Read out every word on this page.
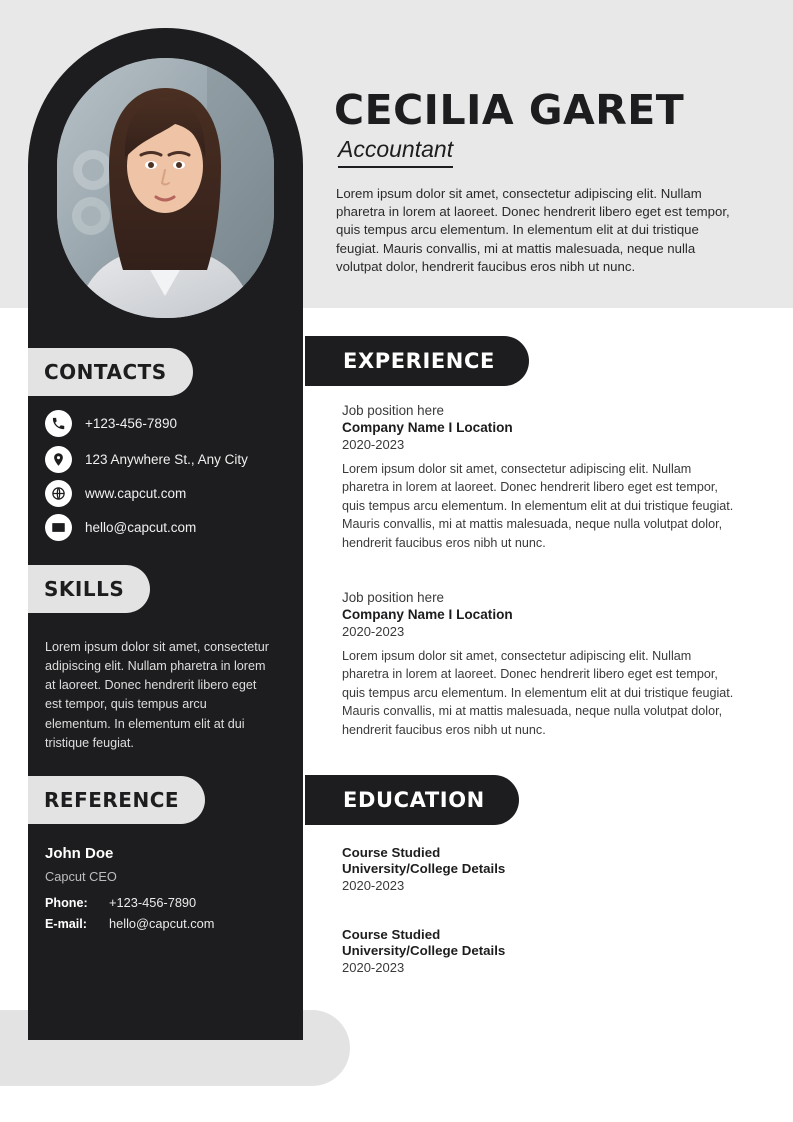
CECILIA GARET
Accountant
Lorem ipsum dolor sit amet, consectetur adipiscing elit. Nullam pharetra in lorem at laoreet. Donec hendrerit libero eget est tempor, quis tempus arcu elementum. In elementum elit at dui tristique feugiat. Mauris convallis, mi at mattis malesuada, neque nulla volutpat dolor, hendrerit faucibus eros nibh ut nunc.
CONTACTS
+123-456-7890
123 Anywhere St., Any City
www.capcut.com
hello@capcut.com
SKILLS
Lorem ipsum dolor sit amet, consectetur adipiscing elit. Nullam pharetra in lorem at laoreet. Donec hendrerit libero eget est tempor, quis tempus arcu elementum. In elementum elit at dui tristique feugiat.
REFERENCE
John Doe
Capcut CEO
Phone:	+123-456-7890
E-mail:	hello@capcut.com
EXPERIENCE
Job position here
Company Name I Location
2020-2023
Lorem ipsum dolor sit amet, consectetur adipiscing elit. Nullam pharetra in lorem at laoreet. Donec hendrerit libero eget est tempor, quis tempus arcu elementum. In elementum elit at dui tristique feugiat. Mauris convallis, mi at mattis malesuada, neque nulla volutpat dolor, hendrerit faucibus eros nibh ut nunc.
Job position here
Company Name I Location
2020-2023
Lorem ipsum dolor sit amet, consectetur adipiscing elit. Nullam pharetra in lorem at laoreet. Donec hendrerit libero eget est tempor, quis tempus arcu elementum. In elementum elit at dui tristique feugiat. Mauris convallis, mi at mattis malesuada, neque nulla volutpat dolor, hendrerit faucibus eros nibh ut nunc.
EDUCATION
Course Studied
University/College Details
2020-2023
Course Studied
University/College Details
2020-2023
